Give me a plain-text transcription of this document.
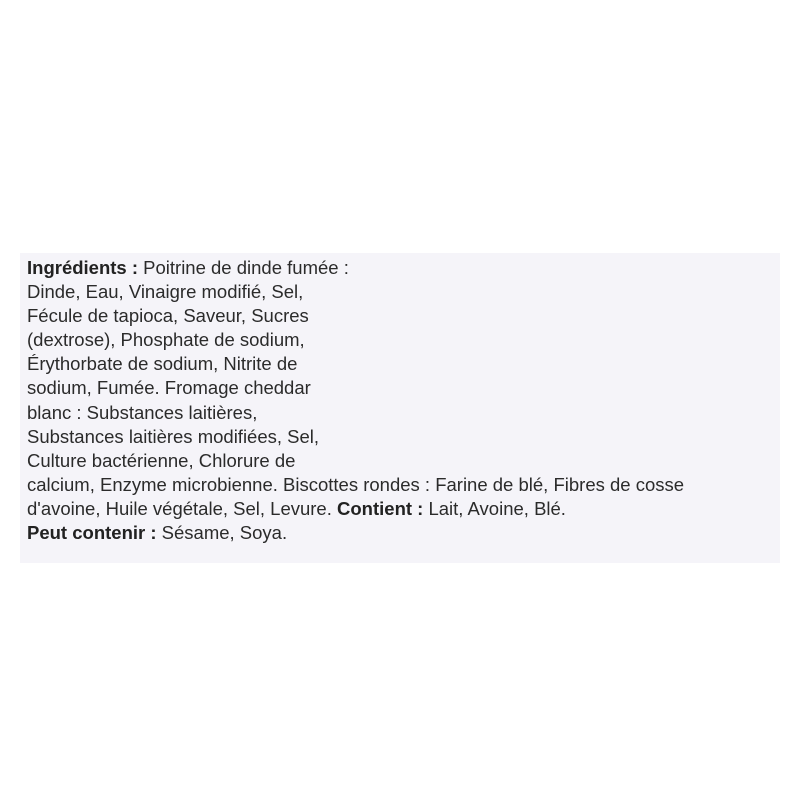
Ingrédients : Poitrine de dinde fumée :
Dinde, Eau, Vinaigre modifié, Sel,
Fécule de tapioca, Saveur, Sucres
(dextrose), Phosphate de sodium,
Érythorbate de sodium, Nitrite de
sodium, Fumée. Fromage cheddar
blanc : Substances laitières,
Substances laitières modifiées, Sel,
Culture bactérienne, Chlorure de
calcium, Enzyme microbienne. Biscottes rondes : Farine de blé, Fibres de cosse
d'avoine, Huile végétale, Sel, Levure. Contient : Lait, Avoine, Blé.
Peut contenir : Sésame, Soya.
